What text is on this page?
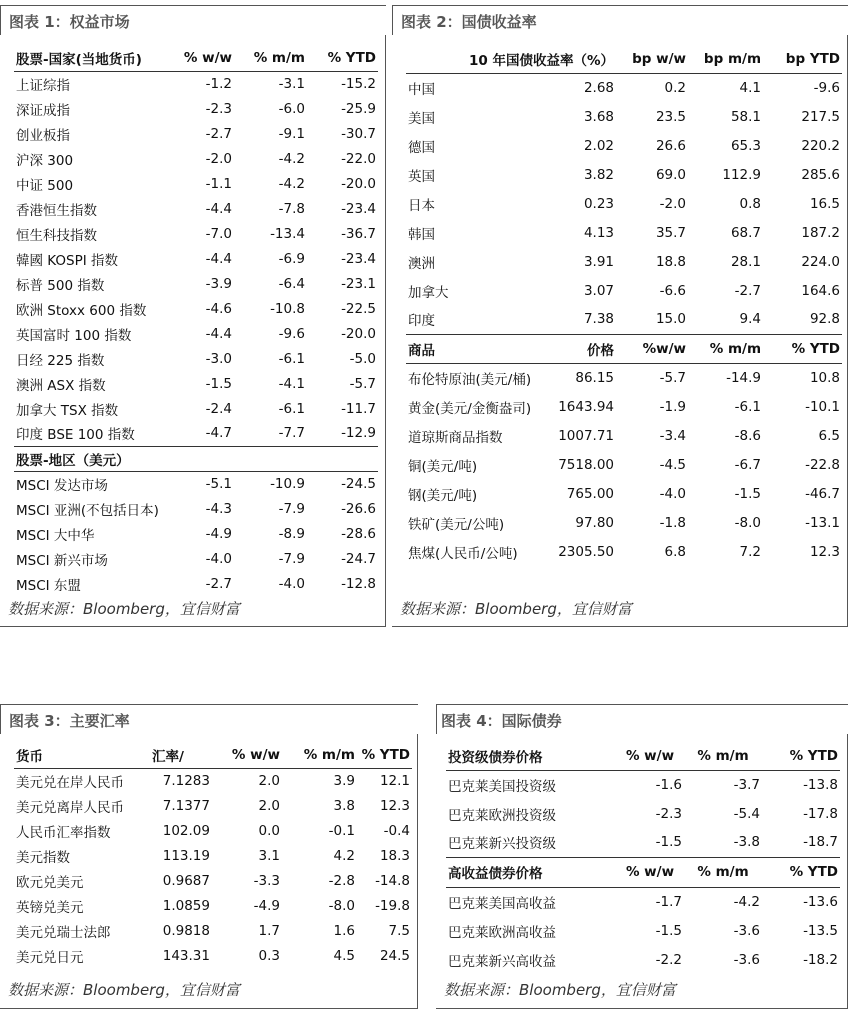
图表 1：权益市场
股票-国家(当地货币)	% w/w	% m/m	% YTD
上证综指	-1.2	-3.1	-15.2
深证成指	-2.3	-6.0	-25.9
创业板指	-2.7	-9.1	-30.7
沪深 300	-2.0	-4.2	-22.0
中证 500	-1.1	-4.2	-20.0
香港恒生指数	-4.4	-7.8	-23.4
恒生科技指数	-7.0	-13.4	-36.7
韓國 KOSPI 指数	-4.4	-6.9	-23.4
标普 500 指数	-3.9	-6.4	-23.1
欧洲 Stoxx 600 指数	-4.6	-10.8	-22.5
英国富时 100 指数	-4.4	-9.6	-20.0
日经 225 指数	-3.0	-6.1	-5.0
澳洲 ASX 指数	-1.5	-4.1	-5.7
加拿大 TSX 指数	-2.4	-6.1	-11.7
印度 BSE 100 指数	-4.7	-7.7	-12.9
股票-地区（美元）			
MSCI 发达市场	-5.1	-10.9	-24.5
MSCI 亚洲(不包括日本)	-4.3	-7.9	-26.6
MSCI 大中华	-4.9	-8.9	-28.6
MSCI 新兴市场	-4.0	-7.9	-24.7
MSCI 东盟	-2.7	-4.0	-12.8
数据来源：Bloomberg，宜信财富
图表 2：国债收益率
10 年国债收益率（%）		bp w/w	bp m/m	bp YTD
中国	2.68	0.2	4.1	-9.6
美国	3.68	23.5	58.1	217.5
德国	2.02	26.6	65.3	220.2
英国	3.82	69.0	112.9	285.6
日本	0.23	-2.0	0.8	16.5
韩国	4.13	35.7	68.7	187.2
澳洲	3.91	18.8	28.1	224.0
加拿大	3.07	-6.6	-2.7	164.6
印度	7.38	15.0	9.4	92.8
商品	价格	%w/w	% m/m	% YTD
布伦特原油(美元/桶)	86.15	-5.7	-14.9	10.8
黄金(美元/金衡盎司)	1643.94	-1.9	-6.1	-10.1
道琼斯商品指数	1007.71	-3.4	-8.6	6.5
铜(美元/吨)	7518.00	-4.5	-6.7	-22.8
钢(美元/吨)	765.00	-4.0	-1.5	-46.7
铁矿(美元/公吨)	97.80	-1.8	-8.0	-13.1
焦煤(人民币/公吨)	2305.50	6.8	7.2	12.3
数据来源：Bloomberg，宜信财富
图表 3：主要汇率
货币	汇率/	% w/w	% m/m	% YTD
美元兑在岸人民币	7.1283	2.0	3.9	12.1
美元兑离岸人民币	7.1377	2.0	3.8	12.3
人民币汇率指数	102.09	0.0	-0.1	-0.4
美元指数	113.19	3.1	4.2	18.3
欧元兑美元	0.9687	-3.3	-2.8	-14.8
英镑兑美元	1.0859	-4.9	-8.0	-19.8
美元兑瑞士法郎	0.9818	1.7	1.6	7.5
美元兑日元	143.31	0.3	4.5	24.5
数据来源：Bloomberg，宜信财富
图表 4：国际债券
投资级债券价格	% w/w	% m/m	% YTD
巴克莱美国投资级	-1.6	-3.7	-13.8
巴克莱欧洲投资级	-2.3	-5.4	-17.8
巴克莱新兴投资级	-1.5	-3.8	-18.7
高收益债券价格	% w/w	% m/m	% YTD
巴克莱美国高收益	-1.7	-4.2	-13.6
巴克莱欧洲高收益	-1.5	-3.6	-13.5
巴克莱新兴高收益	-2.2	-3.6	-18.2
数据来源：Bloomberg，宜信财富
